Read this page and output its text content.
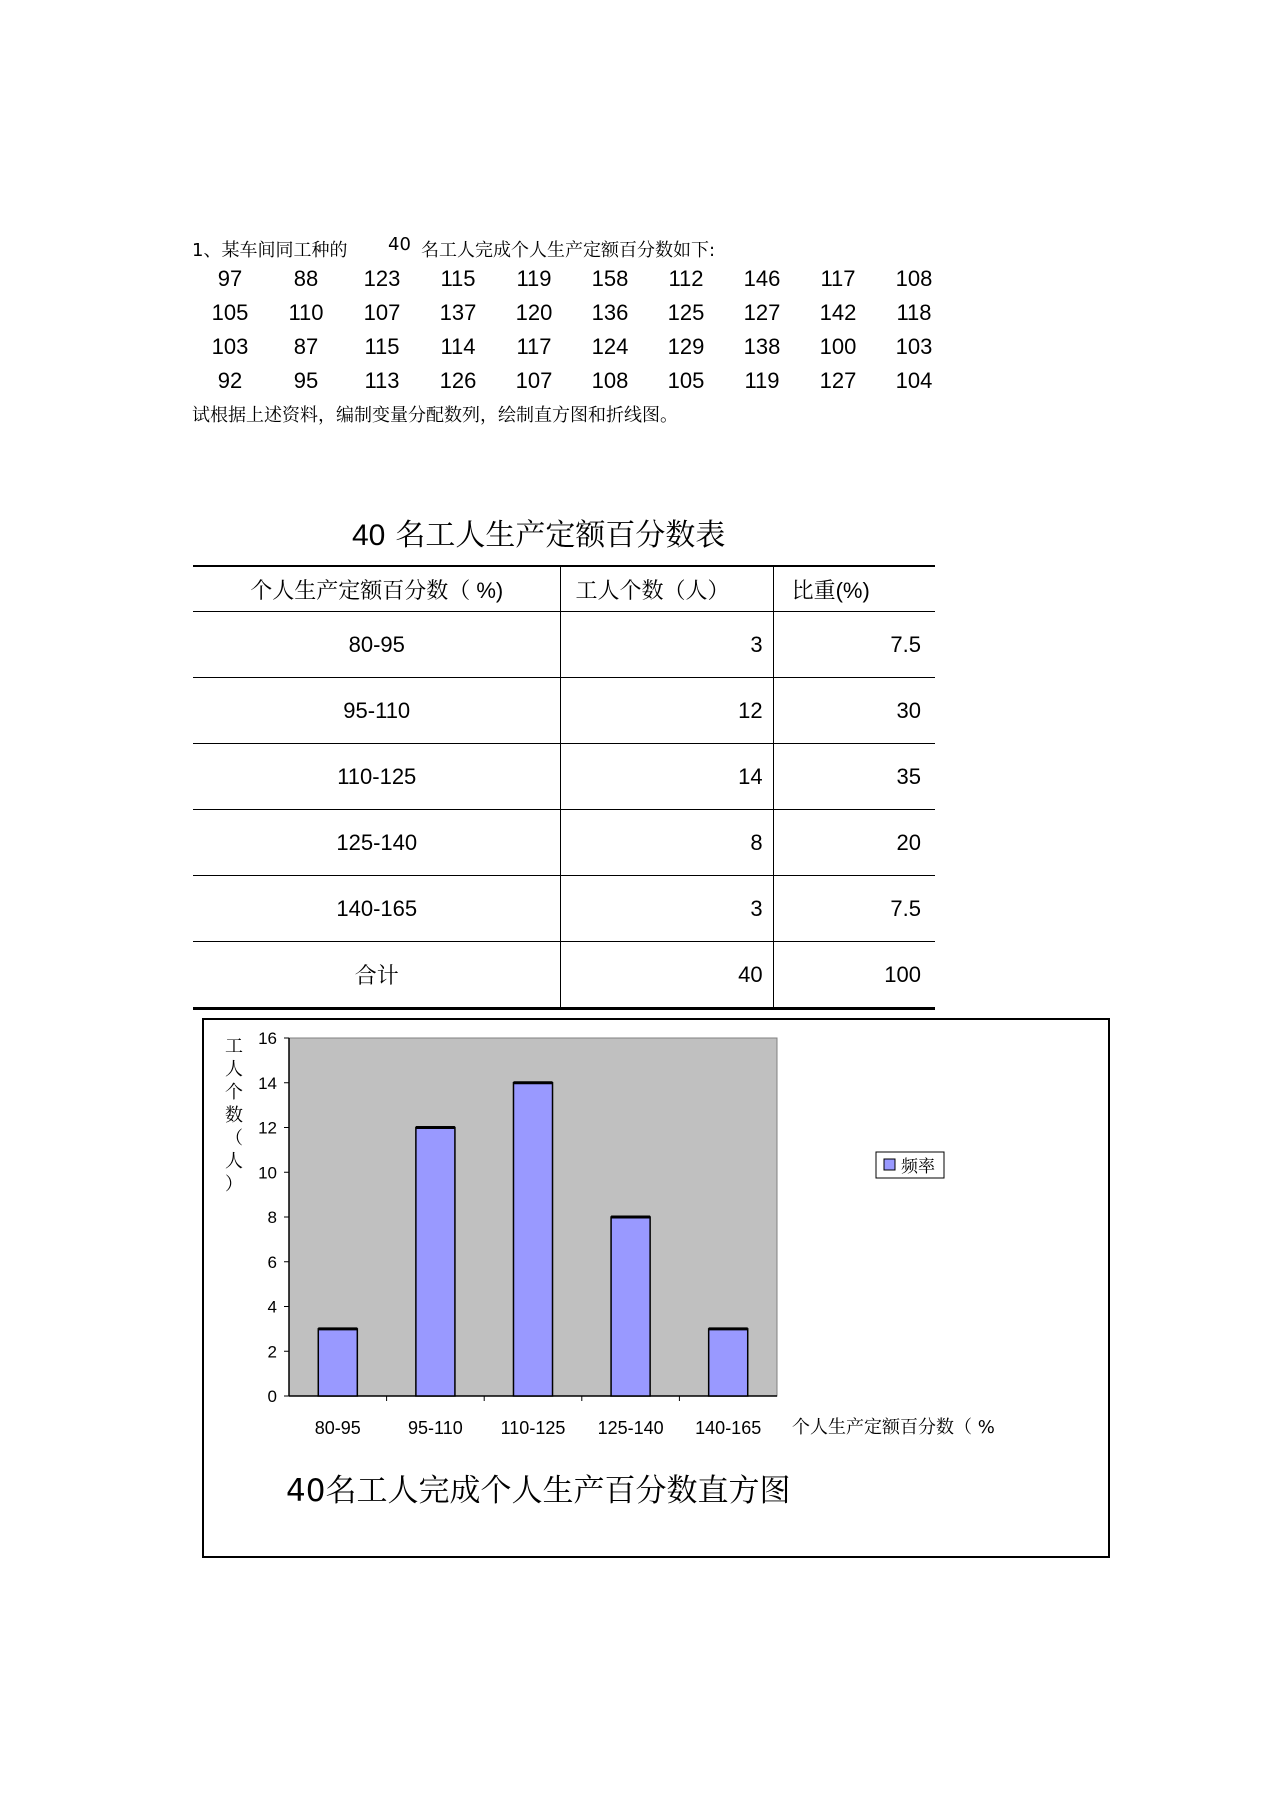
1、某车间同工种的 40 名工人完成个人生产定额百分数如下:
97	88	123	115	119	158	112	146	117	108
105	110	107	137	120	136	125	127	142	118
103	87	115	114	117	124	129	138	100	103
92	95	113	126	107	108	105	119	127	104
试根据上述资料，编制变量分配数列，绘制直方图和折线图。
40 名工人生产定额百分数表
个人生产定额百分数（ %)	工人个数（人）	比重(%)
80-95	3	7.5
95-110	12	30
110-125	14	35
125-140	8	20
140-165	3	7.5
合计	40	100
0
2
4
6
8
10
12
14
16
80-95	95-110 110-125 125-140 140-165
工
人
个
数
（
人
）
个人生产定额百分数（ %
频率
40名工人完成个人生产百分数直方图
